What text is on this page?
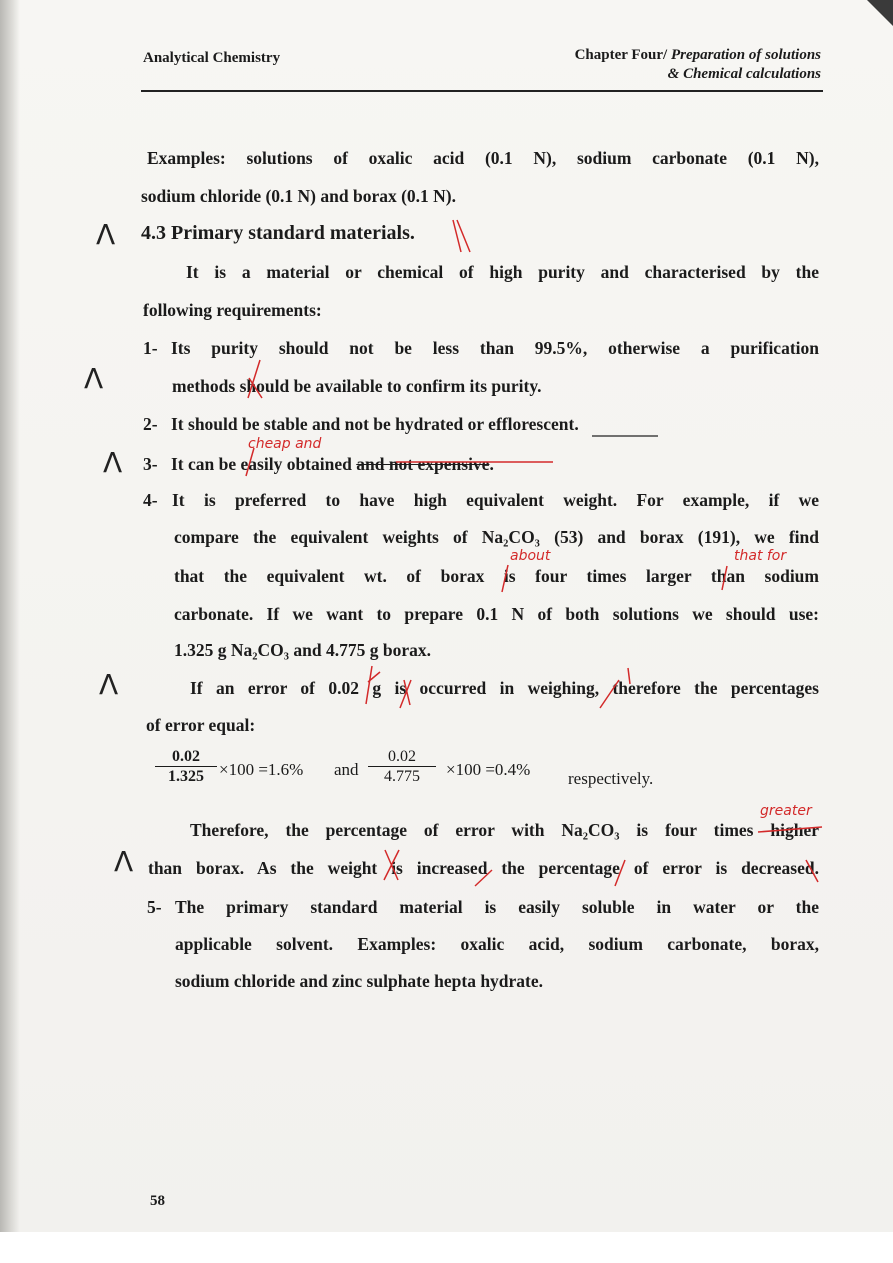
Analytical Chemistry	Chapter Four/ Preparation of solutions
& Chemical calculations
Examples: solutions of oxalic acid (0.1 N), sodium carbonate (0.1 N),
sodium chloride (0.1 N) and borax (0.1 N).
4.3 Primary standard materials.
It is a material or chemical of high purity and characterised by the
following requirements:
1- Its purity should not be less than 99.5%, otherwise a purification
methods should be available to confirm its purity.
2- It should be stable and not be hydrated or efflorescent.
3- It can be easily obtained and not expensive.
4- It is preferred to have high equivalent weight. For example, if we
compare the equivalent weights of Na₂CO₃ (53) and borax (191), we find
that the equivalent wt. of borax is four times larger than sodium
carbonate. If we want to prepare 0.1 N of both solutions we should use:
1.325 g Na₂CO₃ and 4.775 g borax.
If an error of 0.02 g is occurred in weighing, therefore the percentages
of error equal:
$\frac{0.02}{1.325} \times 100 =1.6\%$ and $\frac{0.02}{4.775} \times 100 =0.4\%$ respectively.
Therefore, the percentage of error with Na₂CO₃ is four times higher
than borax. As the weight is increased the percentage of error is decreased.
5- The primary standard material is easily soluble in water or the
applicable solvent. Examples: oxalic acid, sodium carbonate, borax,
sodium chloride and zinc sulphate hepta hydrate.
Λ
Λ
Λ
Λ
Λ
cheap and
about	that for
greater
58
